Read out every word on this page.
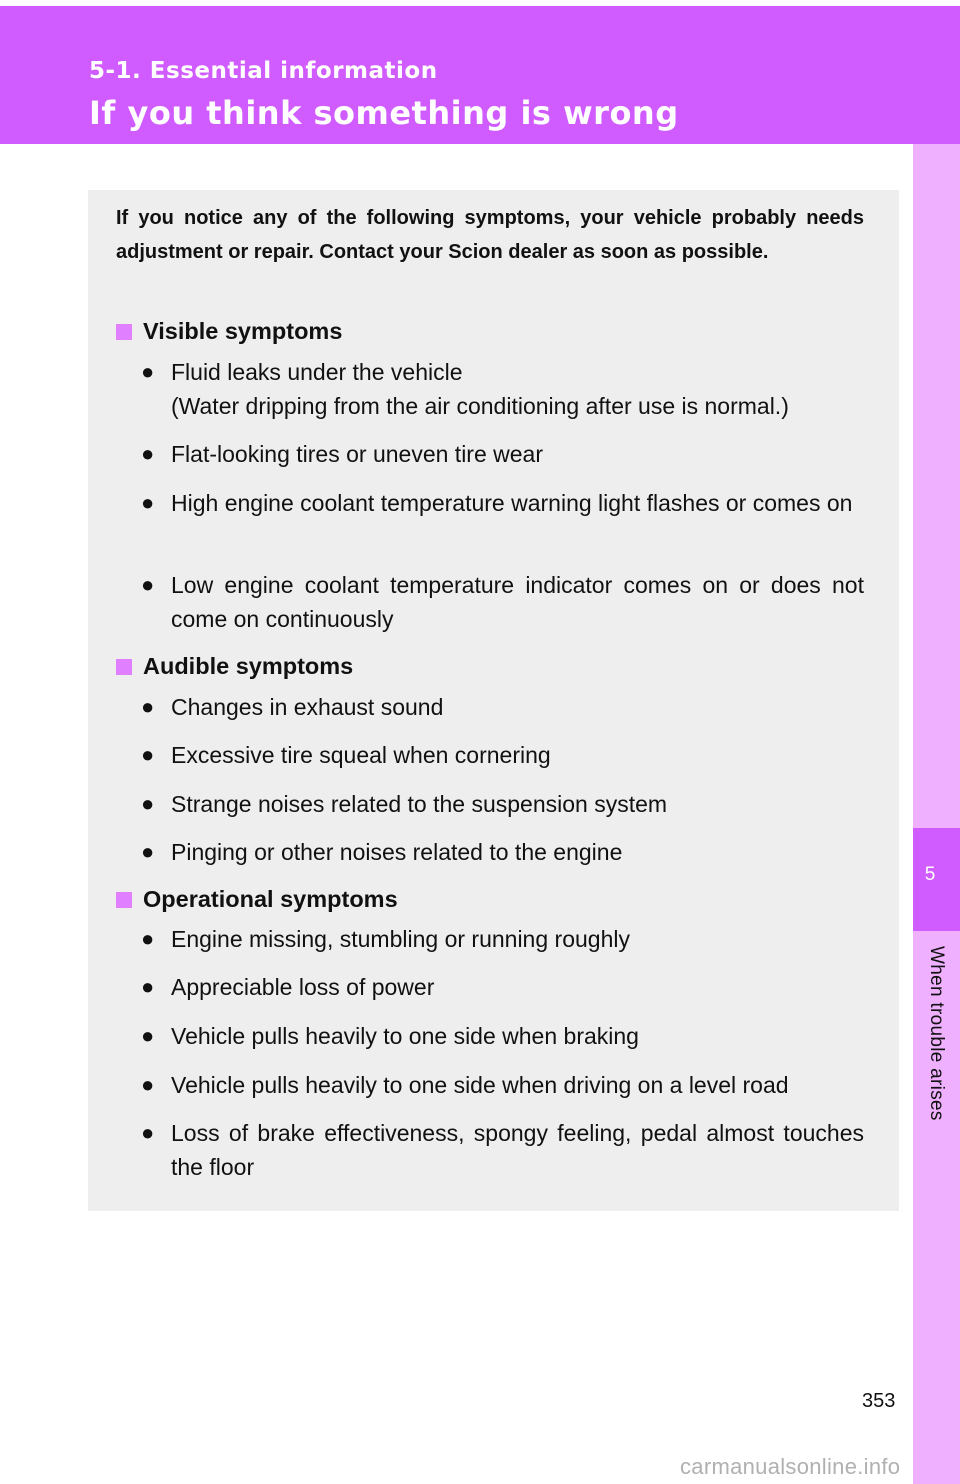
5-1. Essential information
If you think something is wrong
5
When trouble arises
If you notice any of the following symptoms, your vehicle probably needs adjustment or repair. Contact your Scion dealer as soon as possible.
Visible symptoms
● Fluid leaks under the vehicle
(Water dripping from the air conditioning after use is normal.)
● Flat-looking tires or uneven tire wear
● High engine coolant temperature warning light flashes or comes on
● Low engine coolant temperature indicator comes on or does not come on continuously
Audible symptoms
● Changes in exhaust sound
● Excessive tire squeal when cornering
● Strange noises related to the suspension system
● Pinging or other noises related to the engine
Operational symptoms
● Engine missing, stumbling or running roughly
● Appreciable loss of power
● Vehicle pulls heavily to one side when braking
● Vehicle pulls heavily to one side when driving on a level road
● Loss of brake effectiveness, spongy feeling, pedal almost touches the floor
353
carmanualsonline.info
